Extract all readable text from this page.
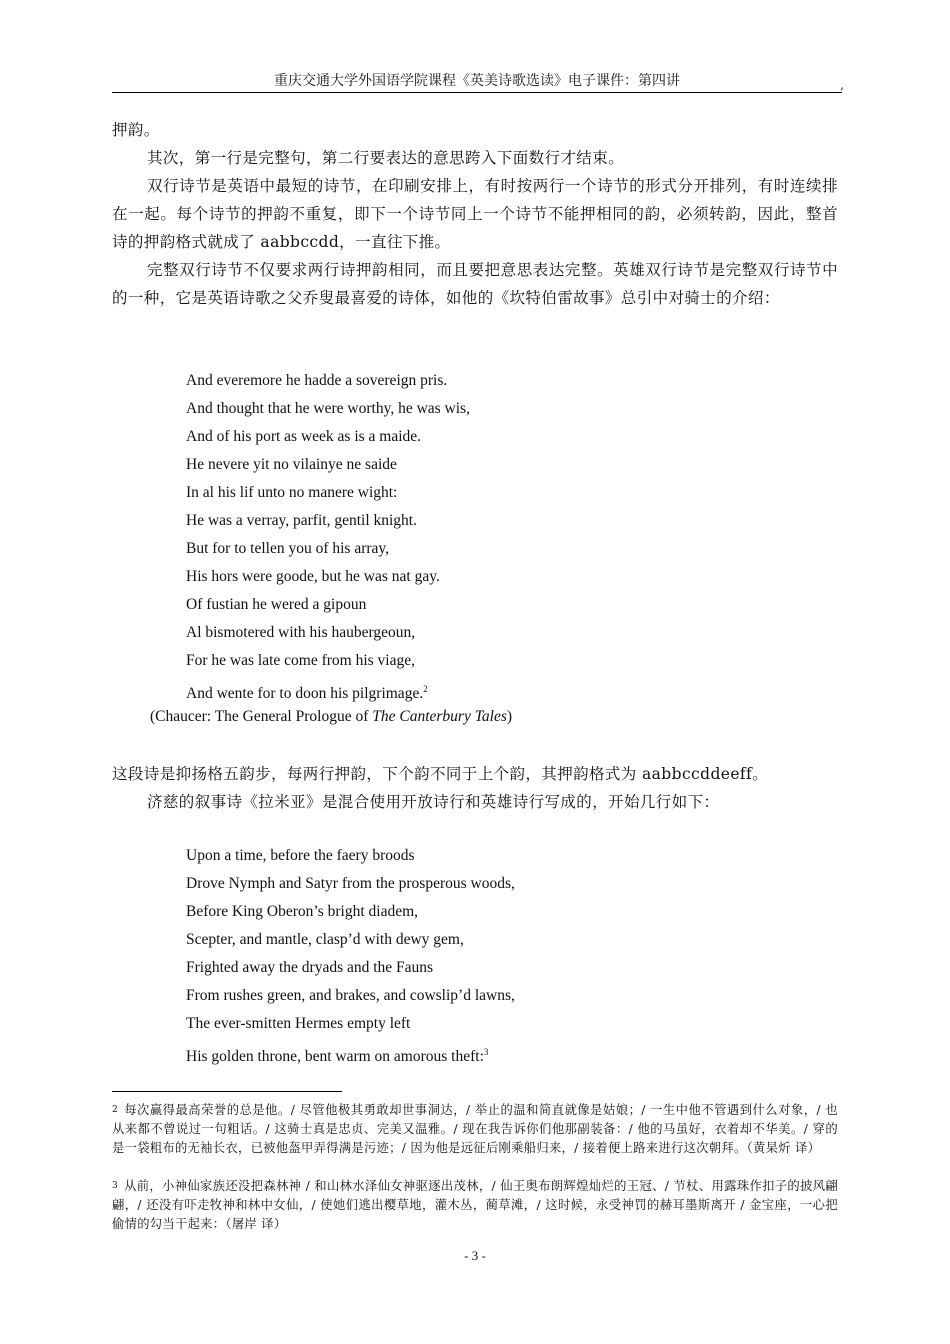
重庆交通大学外国语学院课程《英美诗歌选读》电子课件：第四讲	,
押韵。
其次，第一行是完整句，第二行要表达的意思跨入下面数行才结束。
双行诗节是英语中最短的诗节，在印刷安排上，有时按两行一个诗节的形式分开排列，有时连续排在一起。每个诗节的押韵不重复，即下一个诗节同上一个诗节不能押相同的韵，必须转韵，因此，整首诗的押韵格式就成了 aabbccdd，一直往下推。
完整双行诗节不仅要求两行诗押韵相同，而且要把意思表达完整。英雄双行诗节是完整双行诗节中的一种，它是英语诗歌之父乔叟最喜爱的诗体，如他的《坎特伯雷故事》总引中对骑士的介绍：
And everemore he hadde a sovereign pris.
And thought that he were worthy, he was wis,
And of his port as week as is a maide.
He nevere yit no vilainye ne saide
In al his lif unto no manere wight:
He was a verray, parfit, gentil knight.
But for to tellen you of his array,
His hors were goode, but he was nat gay.
Of fustian he wered a gipoun
Al bismotered with his haubergeoun,
For he was late come from his viage,
And wente for to doon his pilgrimage.$^2$
(Chaucer: The General Prologue of The Canterbury Tales)
这段诗是抑扬格五韵步，每两行押韵，下个韵不同于上个韵，其押韵格式为 aabbccddeeff。
济慈的叙事诗《拉米亚》是混合使用开放诗行和英雄诗行写成的，开始几行如下：
Upon a time, before the faery broods
Drove Nymph and Satyr from the prosperous woods,
Before King Oberon’s bright diadem,
Scepter, and mantle, clasp’d with dewy gem,
Frighted away the dryads and the Fauns
From rushes green, and brakes, and cowslip’d lawns,
The ever-smitten Hermes empty left
His golden throne, bent warm on amorous theft:$^3$
2 每次赢得最高荣誉的总是他。/ 尽管他极其勇敢却世事洞达，/ 举止的温和简直就像是姑娘；/ 一生中他不管遇到什么对象，/ 也从来都不曾说过一句粗话。/ 这骑士真是忠贞、完美又温雅。/ 现在我告诉你们他那副装备：/ 他的马虽好，衣着却不华美。/ 穿的是一袋粗布的无袖长衣，已被他盔甲弄得满是污迹；/ 因为他是远征后刚乘船归来，/ 接着便上路来进行这次朝拜。（黄杲炘 译）
3 从前，小神仙家族还没把森林神 / 和山林水泽仙女神驱逐出茂林，/ 仙王奥布朗辉煌灿烂的王冠、/ 节杖、用露珠作扣子的披风翩翩，/ 还没有吓走牧神和林中女仙，/ 使她们逃出樱草地，灌木丛，蔺草滩，/ 这时候，永受神罚的赫耳墨斯离开 / 金宝座，一心把偷情的勾当干起来：（屠岸 译）
- 3 -
